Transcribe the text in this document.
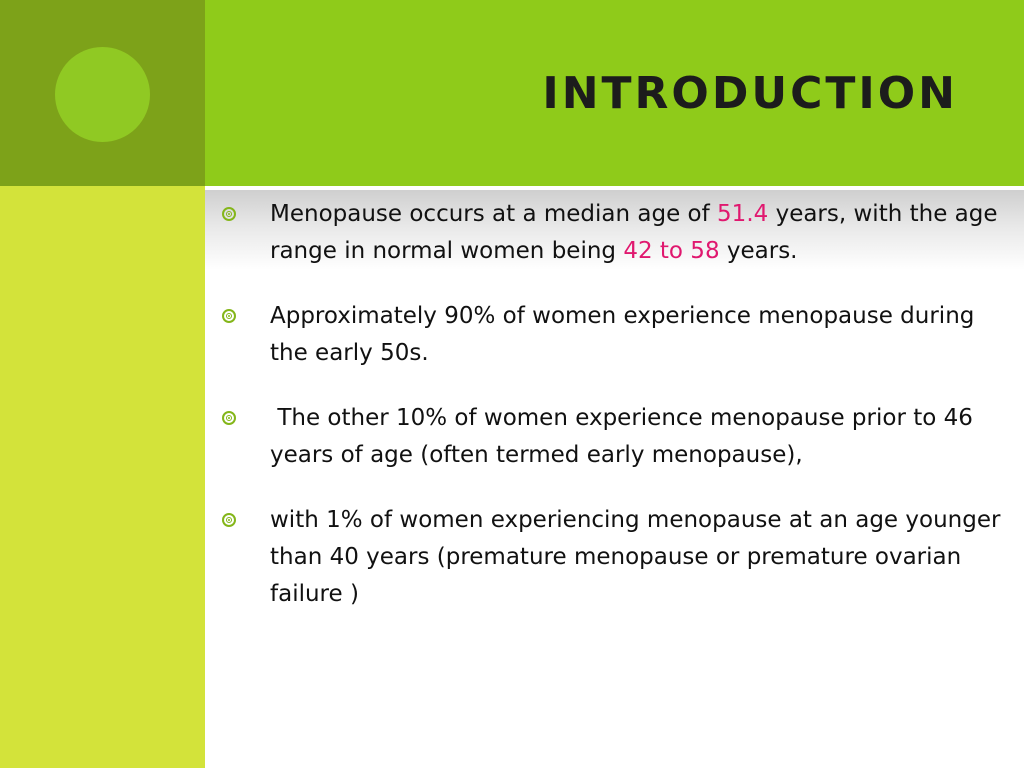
INTRODUCTION
Menopause occurs at a median age of 51.4 years, with the age range in normal women being 42 to 58 years.
Approximately 90% of women experience menopause during the early 50s.
The other 10% of women experience menopause prior to 46 years of age (often termed early menopause),
with 1% of women experiencing menopause at an age younger than 40 years (premature menopause or premature ovarian failure )
